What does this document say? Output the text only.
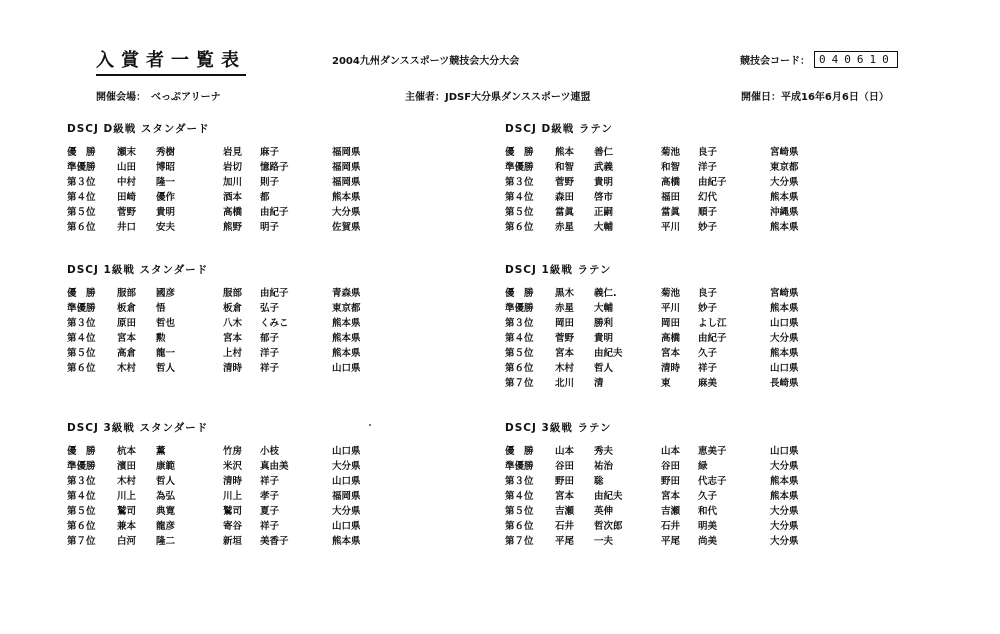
入賞者一覧表	2004九州ダンススポーツ競技会大分大会	競技会コード： 040610
開催会場：　べっぷアリーナ	主催者：JDSF大分県ダンススポーツ連盟	開催日：平成16年6月6日（日）
DSCJ D級戦 スタンダード
優　勝	瀬末	秀樹	岩見	麻子	福岡県
準優勝	山田	博昭	岩切	憶路子	福岡県
第３位	中村	隆一	加川	則子	福岡県
第４位	田崎	優作	酒本	都	熊本県
第５位	菅野	貴明	高橋	由紀子	大分県
第６位	井口	安夫	熊野	明子	佐賀県
DSCJ D級戦 ラテン
優　勝	熊本	善仁	菊池	良子	宮崎県
準優勝	和智	武義	和智	洋子	東京都
第３位	菅野	貴明	高橋	由紀子	大分県
第４位	森田	啓市	福田	幻代	熊本県
第５位	當眞	正嗣	當眞	順子	沖縄県
第６位	赤星	大輔	平川	妙子	熊本県
DSCJ 1級戦 スタンダード
優　勝	服部	國彦	服部	由紀子	青森県
準優勝	板倉	悟	板倉	弘子	東京都
第３位	原田	哲也	八木	くみこ	熊本県
第４位	宮本	勲	宮本	郁子	熊本県
第５位	高倉	龍一	上村	洋子	熊本県
第６位	木村	哲人	清時	祥子	山口県
DSCJ 1級戦 ラテン
優　勝	黒木	義仁.	菊池	良子	宮崎県
準優勝	赤星	大輔	平川	妙子	熊本県
第３位	岡田	勝利	岡田	よし江	山口県
第４位	菅野	貴明	高橋	由紀子	大分県
第５位	宮本	由紀夫	宮本	久子	熊本県
第６位	木村	哲人	清時	祥子	山口県
第７位	北川	清	東	麻美	長崎県
DSCJ 3級戦 スタンダード
優　勝	杭本	薫	竹房	小枝	山口県
準優勝	濱田	康範	米沢	真由美	大分県
第３位	木村	哲人	清時	祥子	山口県
第４位	川上	為弘	川上	孝子	福岡県
第５位	鷲司	典寛	鷲司	夏子	大分県
第６位	兼本	龍彦	寄谷	祥子	山口県
第７位	白河	隆二	新垣	美香子	熊本県
DSCJ 3級戦 ラテン
優　勝	山本	秀夫	山本	恵美子	山口県
準優勝	谷田	祐治	谷田	緑	大分県
第３位	野田	聡	野田	代志子	熊本県
第４位	宮本	由紀夫	宮本	久子	熊本県
第５位	吉瀬	英伸	吉瀬	和代	大分県
第６位	石井	哲次郎	石井	明美	大分県
第７位	平尾	一夫	平尾	尚美	大分県
